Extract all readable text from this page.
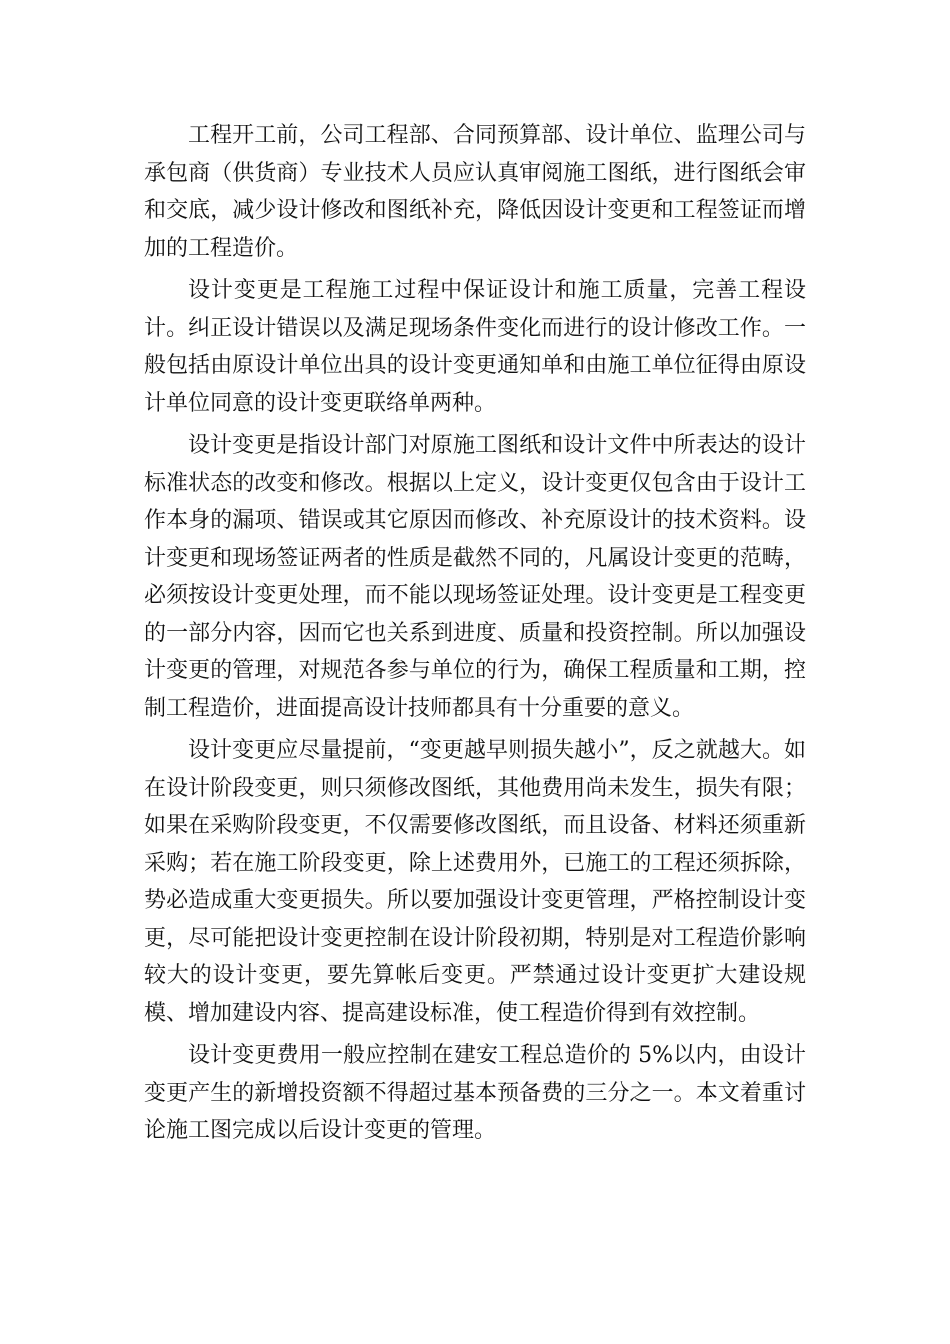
工程开工前，公司工程部、合同预算部、设计单位、监理公司与承包商（供货商）专业技术人员应认真审阅施工图纸，进行图纸会审和交底，减少设计修改和图纸补充，降低因设计变更和工程签证而增加的工程造价。

设计变更是工程施工过程中保证设计和施工质量，完善工程设计。纠正设计错误以及满足现场条件变化而进行的设计修改工作。一般包括由原设计单位出具的设计变更通知单和由施工单位征得由原设计单位同意的设计变更联络单两种。

设计变更是指设计部门对原施工图纸和设计文件中所表达的设计标准状态的改变和修改。根据以上定义，设计变更仅包含由于设计工作本身的漏项、错误或其它原因而修改、补充原设计的技术资料。设计变更和现场签证两者的性质是截然不同的，凡属设计变更的范畴，必须按设计变更处理，而不能以现场签证处理。设计变更是工程变更的一部分内容，因而它也关系到进度、质量和投资控制。所以加强设计变更的管理，对规范各参与单位的行为，确保工程质量和工期，控制工程造价，进面提高设计技师都具有十分重要的意义。

设计变更应尽量提前，“变更越早则损失越小”，反之就越大。如在设计阶段变更，则只须修改图纸，其他费用尚未发生，损失有限；如果在采购阶段变更，不仅需要修改图纸，而且设备、材料还须重新采购；若在施工阶段变更，除上述费用外，已施工的工程还须拆除，势必造成重大变更损失。所以要加强设计变更管理，严格控制设计变更，尽可能把设计变更控制在设计阶段初期，特别是对工程造价影响较大的设计变更，要先算帐后变更。严禁通过设计变更扩大建设规模、增加建设内容、提高建设标准，使工程造价得到有效控制。

设计变更费用一般应控制在建安工程总造价的 5%以内，由设计变更产生的新增投资额不得超过基本预备费的三分之一。本文着重讨论施工图完成以后设计变更的管理。
